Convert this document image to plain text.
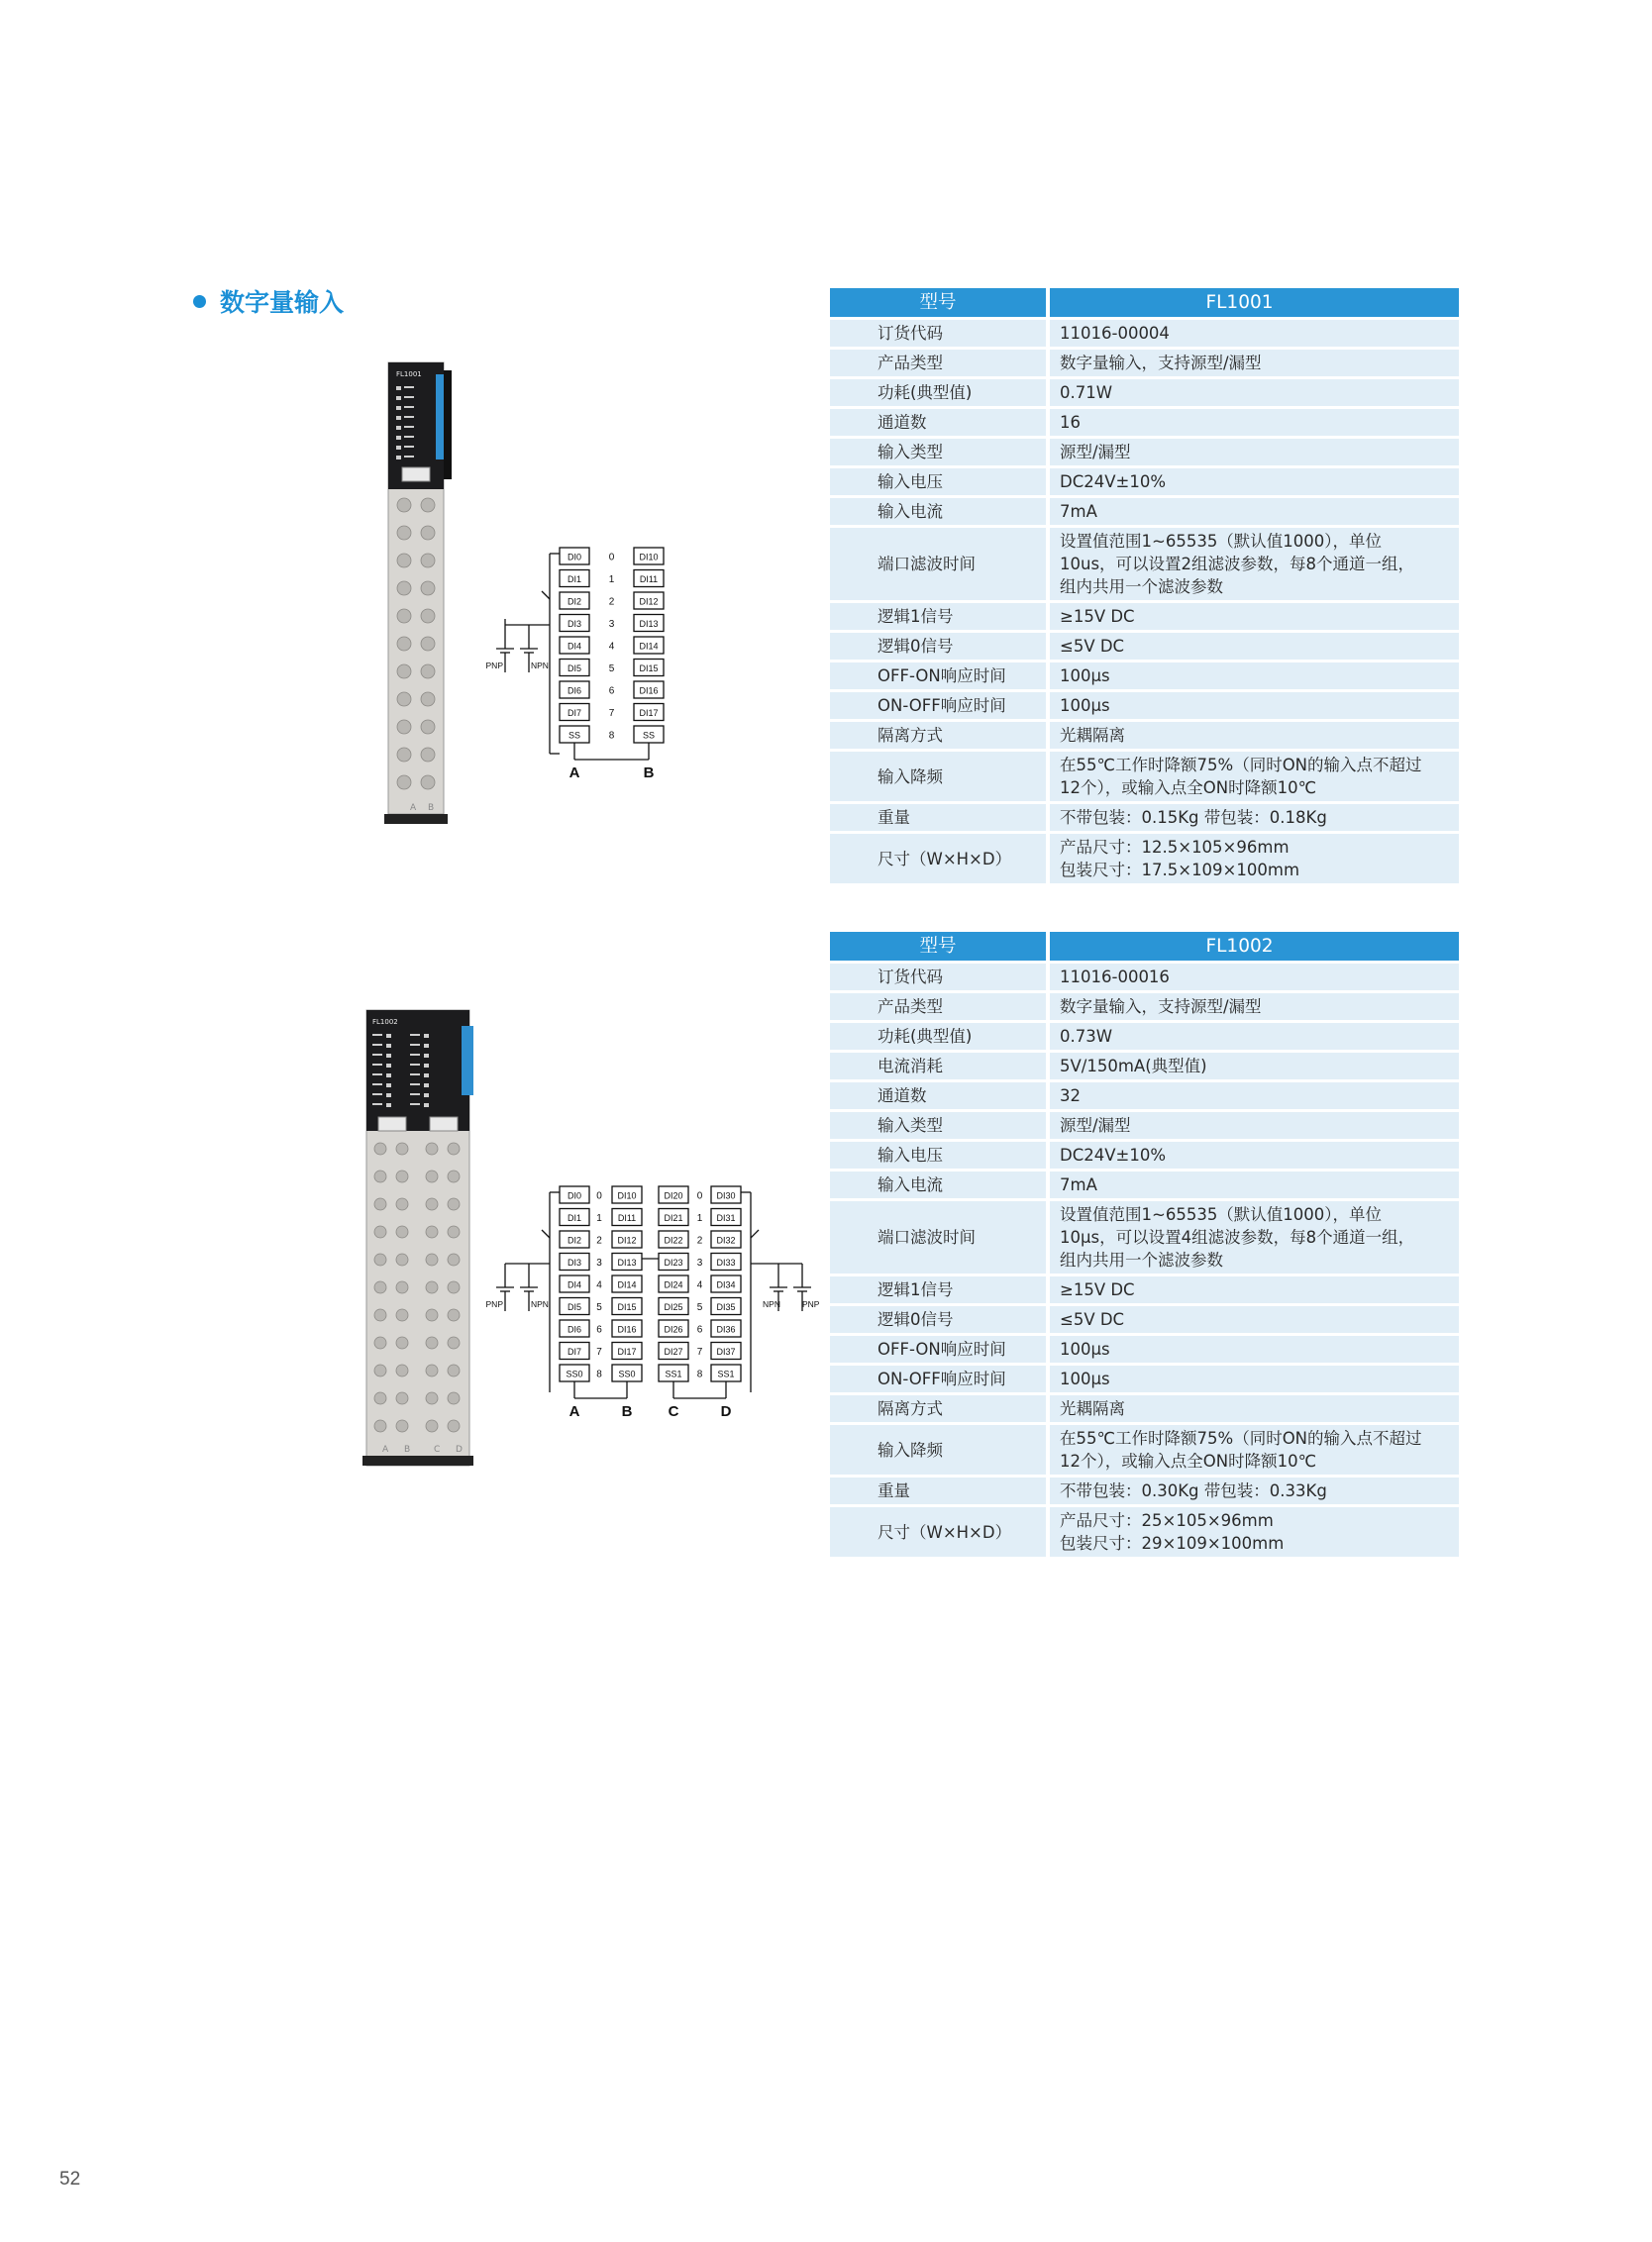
数字量输入
FL1001
A B
DI0
DI1
DI2
DI3
DI4
DI5
DI6
DI7
SS
DI10
DI11
DI12
DI13
DI14
DI15
DI16
DI17
SS
0
1
2
3
4
5
6
7
8
PNP	NPN
A	B
型号	FL1001
订货代码	11016-00004

产品类型	数字量输入，支持源型/漏型

功耗(典型值)	0.71W

通道数	16

输入类型	源型/漏型

输入电压	DC24V±10%

输入电流	7mA

端口滤波时间	设置值范围1~65535（默认值1000），单位10us，可以设置2组滤波参数，每8个通道一组，组内共用一个滤波参数

逻辑1信号	≥15V DC

逻辑0信号	≤5V DC

OFF-ON响应时间	100μs

ON-OFF响应时间	100μs

隔离方式	光耦隔离

输入降频	在55℃工作时降额75%（同时ON的输入点不超过12个），或输入点全ON时降额10℃

重量	不带包装：0.15Kg 带包装：0.18Kg

尺寸（W×H×D）	产品尺寸：12.5×105×96mm
包装尺寸：17.5×109×100mm
FL1002
A B	C D
DI0
DI1
DI2
DI3
DI4
DI5
DI6
DI7
SS0
DI10
DI11
DI12
DI13
DI14
DI15
DI16
DI17
SS0
DI20
DI21
DI22
DI23
DI24
DI25
DI26
DI27
SS1
DI30
DI31
DI32
DI33
DI34
DI35
DI36
DI37
SS1
0
1
2
3
4
5
6
7
8
0
1
2
3
4
5
6
7
8
PNP	NPN	PNP
NPN
A	B C	D
型号	FL1002
订货代码	11016-00016

产品类型	数字量输入，支持源型/漏型

功耗(典型值)	0.73W

电流消耗	5V/150mA(典型值)

通道数	32

输入类型	源型/漏型

输入电压	DC24V±10%

输入电流	7mA

端口滤波时间	设置值范围1~65535（默认值1000），单位10μs，可以设置4组滤波参数，每8个通道一组，组内共用一个滤波参数

逻辑1信号	≥15V DC

逻辑0信号	≤5V DC

OFF-ON响应时间	100μs

ON-OFF响应时间	100μs

隔离方式	光耦隔离

输入降频	在55℃工作时降额75%（同时ON的输入点不超过12个），或输入点全ON时降额10℃

重量	不带包装：0.30Kg 带包装：0.33Kg

尺寸（W×H×D）	产品尺寸：25×105×96mm
包装尺寸：29×109×100mm
52
